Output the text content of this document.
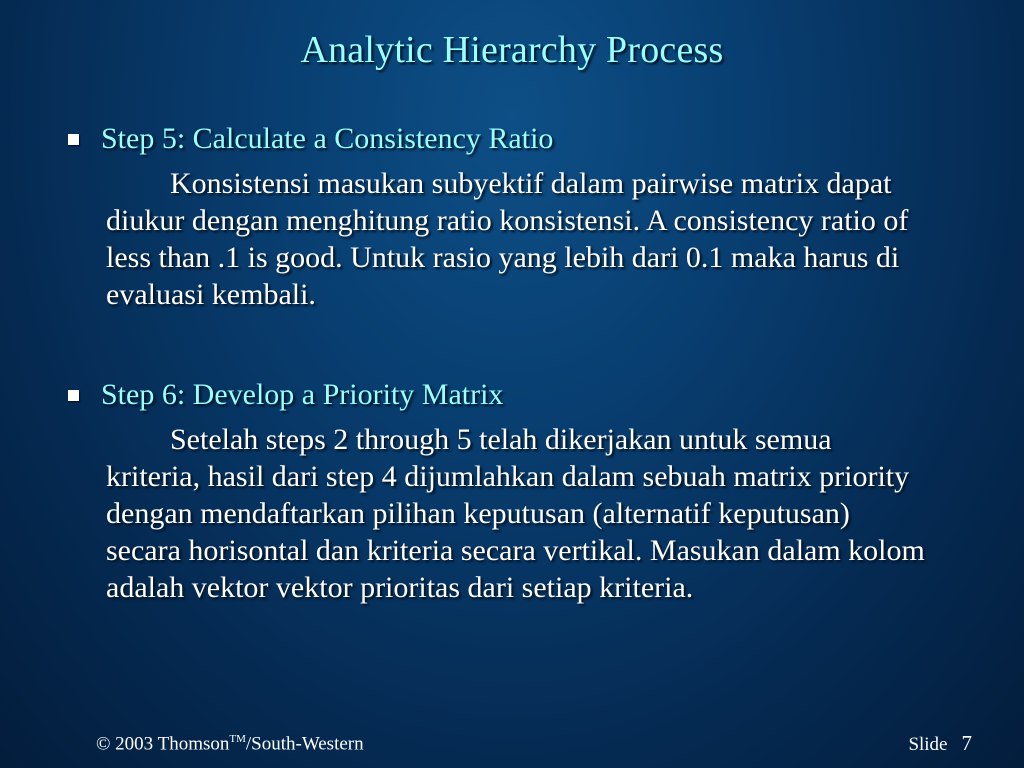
Analytic Hierarchy Process
Step 5: Calculate a Consistency Ratio
Konsistensi masukan subyektif dalam pairwise matrix dapat diukur dengan menghitung ratio konsistensi. A consistency ratio of less than .1 is good. Untuk rasio yang lebih dari 0.1 maka harus di evaluasi kembali.
Step 6: Develop a Priority Matrix
Setelah steps 2 through 5 telah dikerjakan untuk semua kriteria, hasil dari step 4 dijumlahkan dalam sebuah matrix priority dengan mendaftarkan pilihan keputusan (alternatif keputusan) secara horisontal dan kriteria secara vertikal. Masukan dalam kolom adalah vektor vektor prioritas dari setiap kriteria.
© 2003 Thomson™/South-Western	Slide 7
